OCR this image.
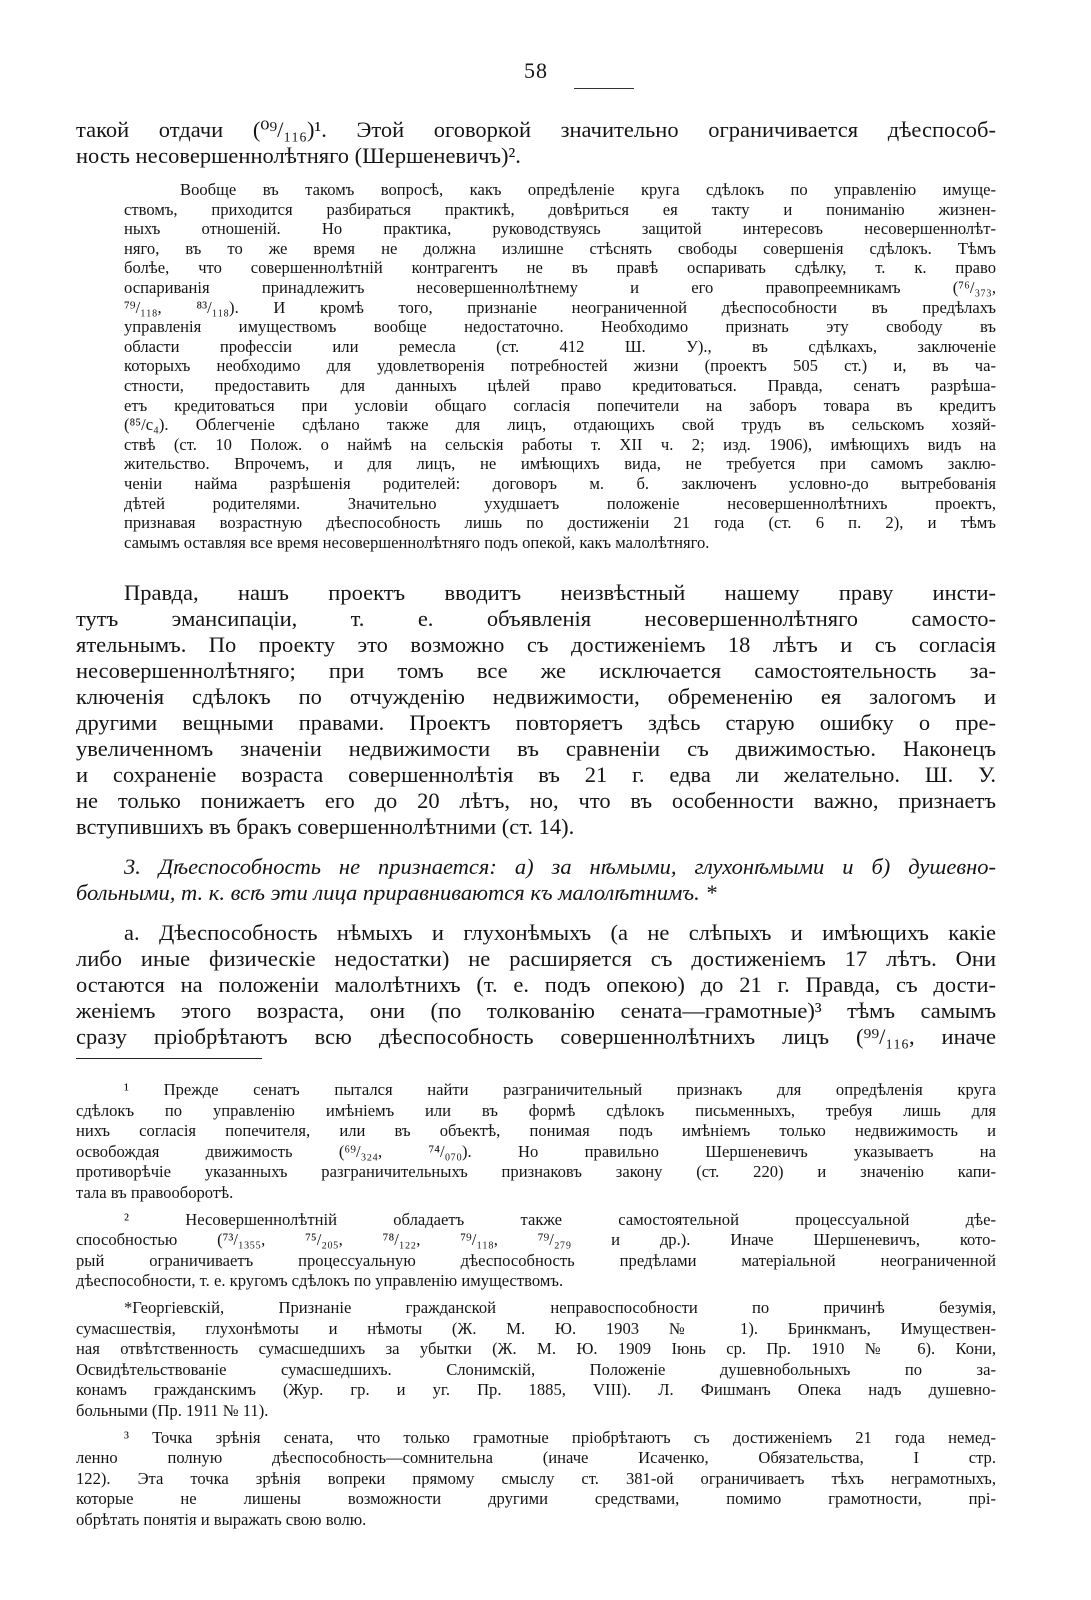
58

такой отдачи (⁰⁹/₁₁₆)¹. Этой оговоркой значительно ограничивается дѣеспособ-

ность несовершеннолѣтняго (Шершеневичъ)².

Вообще въ такомъ вопросѣ, какъ опредѣленіе круга сдѣлокъ по управленію имуще-

ствомъ, приходится разбираться практикѣ, довѣриться ея такту и пониманію жизнен-

ныхъ отношеній. Но практика, руководствуясь защитой интересовъ несовершеннолѣт-

няго, въ то же время не должна излишне стѣснять свободы совершенія сдѣлокъ. Тѣмъ

болѣе, что совершеннолѣтній контрагентъ не въ правѣ оспаривать сдѣлку, т. к. право

оспариванія принадлежитъ несовершеннолѣтнему и его правопреемникамъ (⁷⁶/₃₇₃,

⁷⁹/₁₁₈, ⁸³/₁₁₈). И кромѣ того, признаніе неограниченной дѣеспособности въ предѣлахъ

управленія имуществомъ вообще недостаточно. Необходимо признать эту свободу въ

области профессіи или ремесла (ст. 412 Ш. У)., въ сдѣлкахъ, заключеніе

которыхъ необходимо для удовлетворенія потребностей жизни (проектъ 505 ст.) и, въ ча-

стности, предоставить для данныхъ цѣлей право кредитоваться. Правда, сенатъ разрѣша-

етъ кредитоваться при условіи общаго согласія попечители на заборъ товара въ кредитъ

(⁸⁵/с₄). Облегченіе сдѣлано также для лицъ, отдающихъ свой трудъ въ сельскомъ хозяй-

ствѣ (ст. 10 Полож. о наймѣ на сельскія работы т. XII ч. 2; изд. 1906), имѣющихъ видъ на

жительство. Впрочемъ, и для лицъ, не имѣющихъ вида, не требуется при самомъ заклю-

ченіи найма разрѣшенія родителей: договоръ м. б. заключенъ условно-до вытребованія

дѣтей родителями. Значительно ухудшаетъ положеніе несовершеннолѣтнихъ проектъ,

признавая возрастную дѣеспособность лишь по достиженіи 21 года (ст. 6 п. 2), и тѣмъ

самымъ оставляя все время несовершеннолѣтняго подъ опекой, какъ малолѣтняго.

Правда, нашъ проектъ вводитъ неизвѣстный нашему праву инсти-

тутъ эмансипаціи, т. е. объявленія несовершеннолѣтняго самосто-

ятельнымъ. По проекту это возможно съ достиженіемъ 18 лѣтъ и съ согласія

несовершеннолѣтняго; при томъ все же исключается самостоятельность за-

ключенія сдѣлокъ по отчужденію недвижимости, обремененію ея залогомъ и

другими вещными правами. Проектъ повторяетъ здѣсь старую ошибку о пре-

увеличенномъ значеніи недвижимости въ сравненіи съ движимостью. Наконецъ

и сохраненіе возраста совершеннолѣтія въ 21 г. едва ли желательно. Ш. У.

не только понижаетъ его до 20 лѣтъ, но, что въ особенности важно, признаетъ

вступившихъ въ бракъ совершеннолѣтними (ст. 14).

3. Дѣеспособность не признается: а) за нѣмыми, глухонѣмыми и б) душевно-

больными, т. к. всѣ эти лица приравниваются къ малолѣтнимъ. *

а. Дѣеспособность нѣмыхъ и глухонѣмыхъ (а не слѣпыхъ и имѣющихъ какіе

либо иные физическіе недостатки) не расширяется съ достиженіемъ 17 лѣтъ. Они

остаются на положеніи малолѣтнихъ (т. е. подъ опекою) до 21 г. Правда, съ дости-

женіемъ этого возраста, они (по толкованію сената—грамотные)³ тѣмъ самымъ

сразу пріобрѣтаютъ всю дѣеспособность совершеннолѣтнихъ лицъ (⁹⁹/₁₁₆, иначе

¹ Прежде сенатъ пытался найти разграничительный признакъ для опредѣленія круга

сдѣлокъ по управленію имѣніемъ или въ формѣ сдѣлокъ письменныхъ, требуя лишь для

нихъ согласія попечителя, или въ объектѣ, понимая подъ имѣніемъ только недвижимость и

освобождая движимость (⁶⁹/₃₂₄, ⁷⁴/₀₇₀). Но правильно Шершеневичъ указываетъ на

противорѣчіе указанныхъ разграничительныхъ признаковъ закону (ст. 220) и значенію капи-

тала въ правооборотѣ.

² Несовершеннолѣтній обладаетъ также самостоятельной процессуальной дѣе-

способностью (⁷³/₁₃₅₅, ⁷⁵/₂₀₅, ⁷⁸/₁₂₂, ⁷⁹/₁₁₈, ⁷⁹/₂₇₉ и др.). Иначе Шершеневичъ, кото-

рый ограничиваетъ процессуальную дѣеспособность предѣлами матеріальной неограниченной

дѣеспособности, т. е. кругомъ сдѣлокъ по управленію имуществомъ.

*Георгіевскій, Признаніе гражданской неправоспособности по причинѣ безумія,

сумасшествія, глухонѣмоты и нѣмоты (Ж. М. Ю. 1903 № 1). Бринкманъ, Имуществен-

ная отвѣтственность сумасшедшихъ за убытки (Ж. М. Ю. 1909 Іюнь ср. Пр. 1910 № 6). Кони,

Освидѣтельствованіе сумасшедшихъ. Слонимскій, Положеніе душевнобольныхъ по за-

конамъ гражданскимъ (Жур. гр. и уг. Пр. 1885, VIII). Л. Фишманъ Опека надъ душевно-

больными (Пр. 1911 № 11).

³ Точка зрѣнія сената, что только грамотные пріобрѣтаютъ съ достиженіемъ 21 года немед-

ленно полную дѣеспособность—сомнительна (иначе Исаченко, Обязательства, I стр.

122). Эта точка зрѣнія вопреки прямому смыслу ст. 381-ой ограничиваетъ тѣхъ неграмотныхъ,

которые не лишены возможности другими средствами, помимо грамотности, прі-

обрѣтать понятія и выражать свою волю.
